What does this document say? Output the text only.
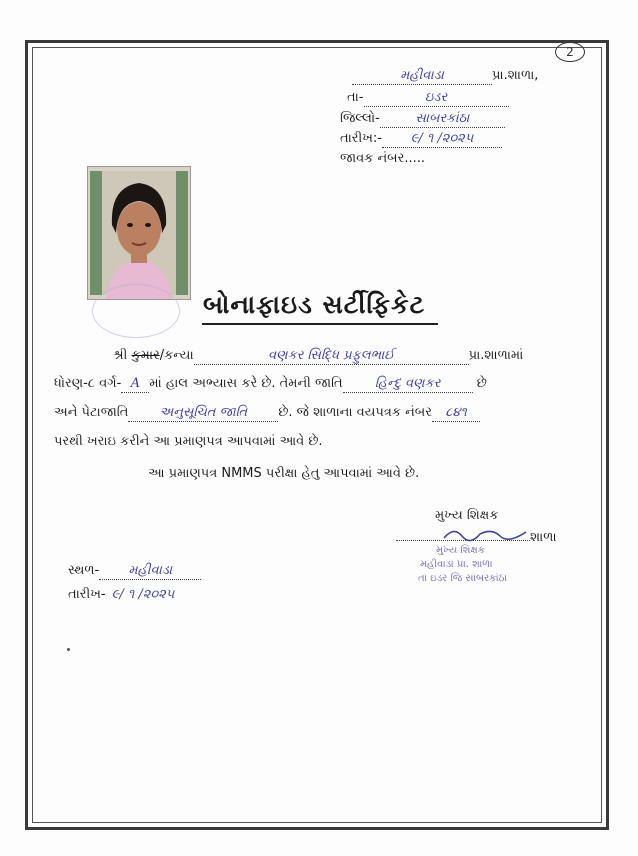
2
મહીવાડા	પ્રા.શાળા,
તા-	ઇડર
જિલ્લો-	સાબરકાંઠા
તારીખ:- ૯/ ૧ /૨૦૨૫
જાવક નંબર.....
બોનાફાઇડ સર્ટીફિકેટ
શ્રી કુમાર/કન્યા	વણકર સિદ્ધિ પ્રફુલભાઈ	પ્રા.શાળામાં
ધોરણ-૮ વર્ગ- A માં હાલ અભ્યાસ કરે છે. તેમની જાતિ હિન્દુ વણકર	છે
અને પેટાજાતિ અનુસૂચિત જાતિ છે. જે શાળાના વયપત્રક નંબર ૮૪૧
પરથી ખરાઇ કરીને આ પ્રમાણપત્ર આપવામાં આવે છે.
આ પ્રમાણપત્ર NMMS પરીક્ષા હેતુ આપવામાં આવે છે.
મુખ્ય શિક્ષક
શાળા
મુખ્ય શિક્ષક
મહીવાડા પ્રા. શાળા
તા ઇડર જિ સાબરકાંઠા
સ્થળ- મહીવાડા
તારીખ- ૯/ ૧ /૨૦૨૫
